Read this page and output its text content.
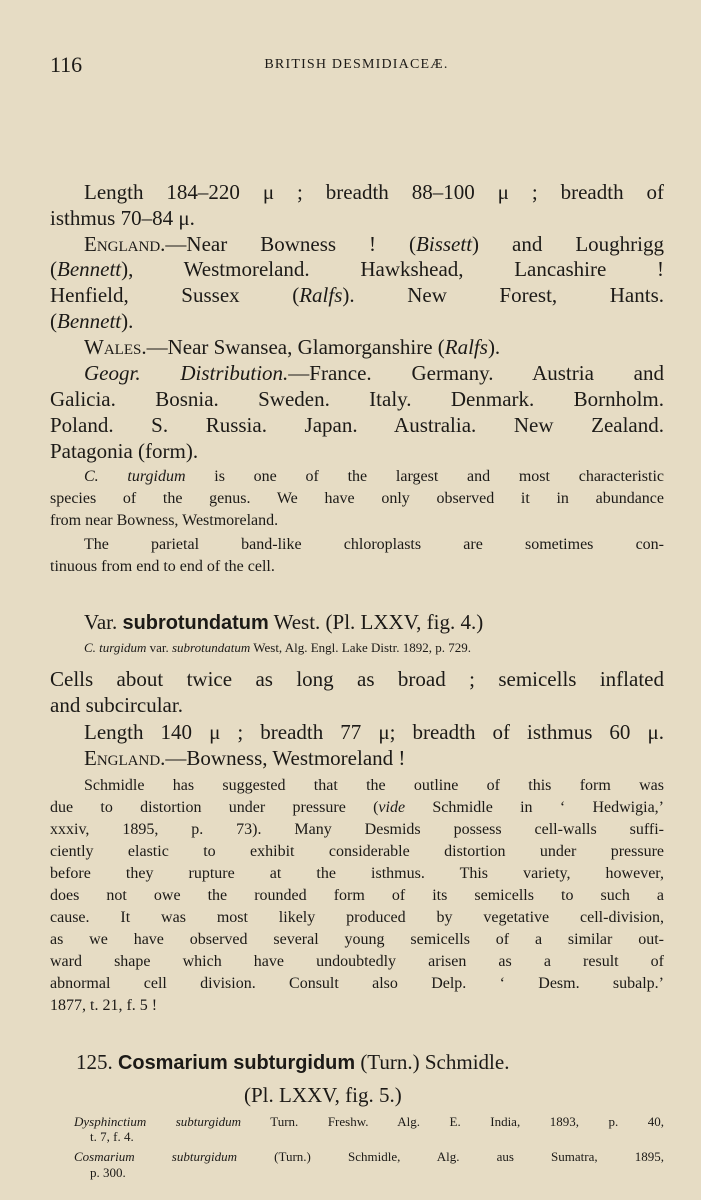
116	BRITISH DESMIDIACEÆ.
Length 184–220 μ ; breadth 88–100 μ ; breadth of
isthmus 70–84 μ.
England.—Near Bowness ! (Bissett) and Loughrigg
(Bennett), Westmoreland. Hawkshead, Lancashire !
Henfield, Sussex (Ralfs). New Forest, Hants.
(Bennett).
Wales.—Near Swansea, Glamorganshire (Ralfs).
Geogr. Distribution.—France. Germany. Austria and
Galicia. Bosnia. Sweden. Italy. Denmark. Bornholm.
Poland. S. Russia. Japan. Australia. New Zealand.
Patagonia (form).
C. turgidum is one of the largest and most characteristic
species of the genus. We have only observed it in abundance
from near Bowness, Westmoreland.
The parietal band-like chloroplasts are sometimes con-
tinuous from end to end of the cell.
Var. subrotundatum West. (Pl. LXXV, fig. 4.)
C. turgidum var. subrotundatum West, Alg. Engl. Lake Distr. 1892, p. 729.
Cells about twice as long as broad ; semicells inflated
and subcircular.
Length 140 μ ; breadth 77 μ; breadth of isthmus 60 μ.
England.—Bowness, Westmoreland !
Schmidle has suggested that the outline of this form was
due to distortion under pressure (vide Schmidle in ‘ Hedwigia,’
xxxiv, 1895, p. 73). Many Desmids possess cell-walls suffi-
ciently elastic to exhibit considerable distortion under pressure
before they rupture at the isthmus. This variety, however,
does not owe the rounded form of its semicells to such a
cause. It was most likely produced by vegetative cell-division,
as we have observed several young semicells of a similar out-
ward shape which have undoubtedly arisen as a result of
abnormal cell division. Consult also Delp. ‘ Desm. subalp.’
1877, t. 21, f. 5 !
125. Cosmarium subturgidum (Turn.) Schmidle.
(Pl. LXXV, fig. 5.)
Dysphinctium subturgidum Turn. Freshw. Alg. E. India, 1893, p. 40,
t. 7, f. 4.
Cosmarium subturgidum (Turn.) Schmidle, Alg. aus Sumatra, 1895,
p. 300.
